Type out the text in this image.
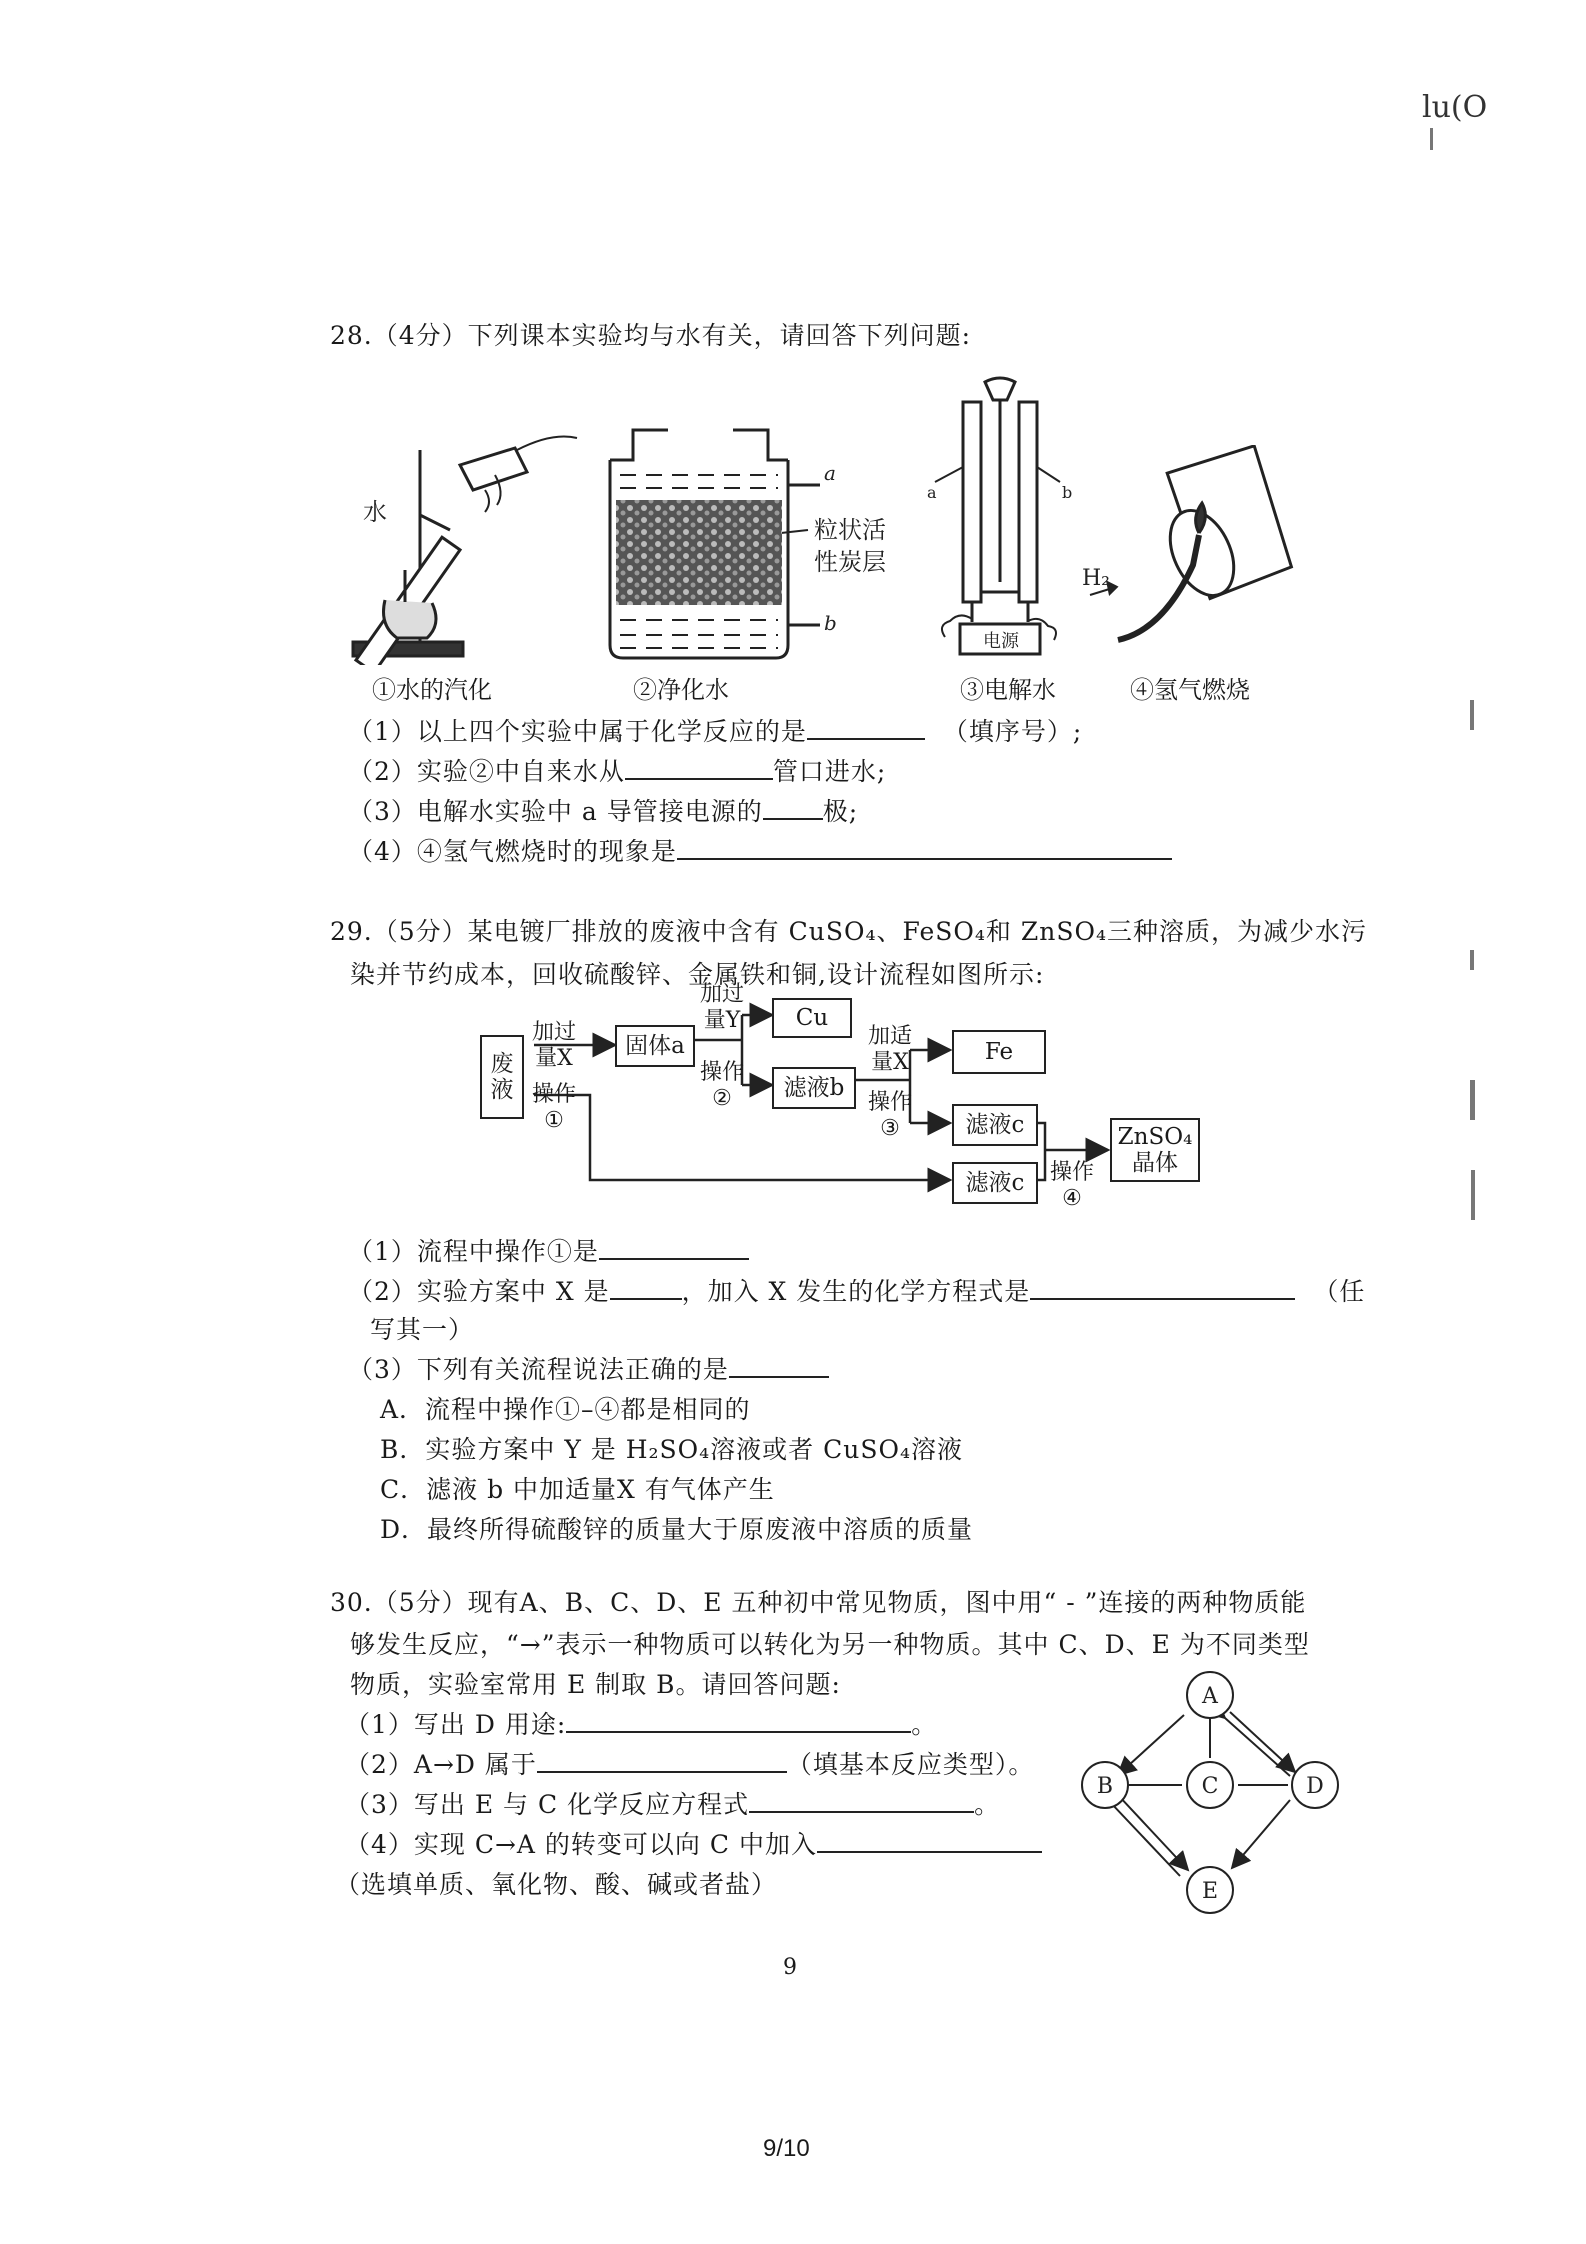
lu(O
28.（4分）下列课本实验均与水有关，请回答下列问题:
水
a
b
粒状活
性炭层
电源
a	b
H₂
①水的汽化	②净化水	③电解水	④氢气燃烧
（1）以上四个实验中属于化学反应的是	（填序号）;
（2）实验②中自来水从	管口进水;
（3）电解水实验中 a 导管接电源的 极;
（4）④氢气燃烧时的现象是
29.（5分）某电镀厂排放的废液中含有 CuSO₄、FeSO₄和 ZnSO₄三种溶质，为减少水污
染并节约成本，回收硫酸锌、金属铁和铜,设计流程如图所示:
废
液
固体a
Cu
滤液b
Fe
滤液c
滤液c
ZnSO₄
晶体
加过
量X
操作
①
加过
量Y
操作
②
加适
量X
操作
③
操作
④
（1）流程中操作①是
（2）实验方案中 X 是	，加入 X 发生的化学方程式是	（任
写其一）
（3）下列有关流程说法正确的是
A．流程中操作①–④都是相同的
B．实验方案中 Y 是 H₂SO₄溶液或者 CuSO₄溶液
C．滤液 b 中加适量X 有气体产生
D．最终所得硫酸锌的质量大于原废液中溶质的质量
30.（5分）现有A、B、C、D、E 五种初中常见物质，图中用“ - ”连接的两种物质能
够发生反应，“→”表示一种物质可以转化为另一种物质。其中 C、D、E 为不同类型
物质，实验室常用 E 制取 B。请回答问题:
（1）写出 D 用途:	。
（2）A→D 属于	（填基本反应类型）。
（3）写出 E 与 C 化学反应方程式	。
（4）实现 C→A 的转变可以向 C 中加入
（选填单质、氧化物、酸、碱或者盐）
A
B	C	D
E
9
9/10
